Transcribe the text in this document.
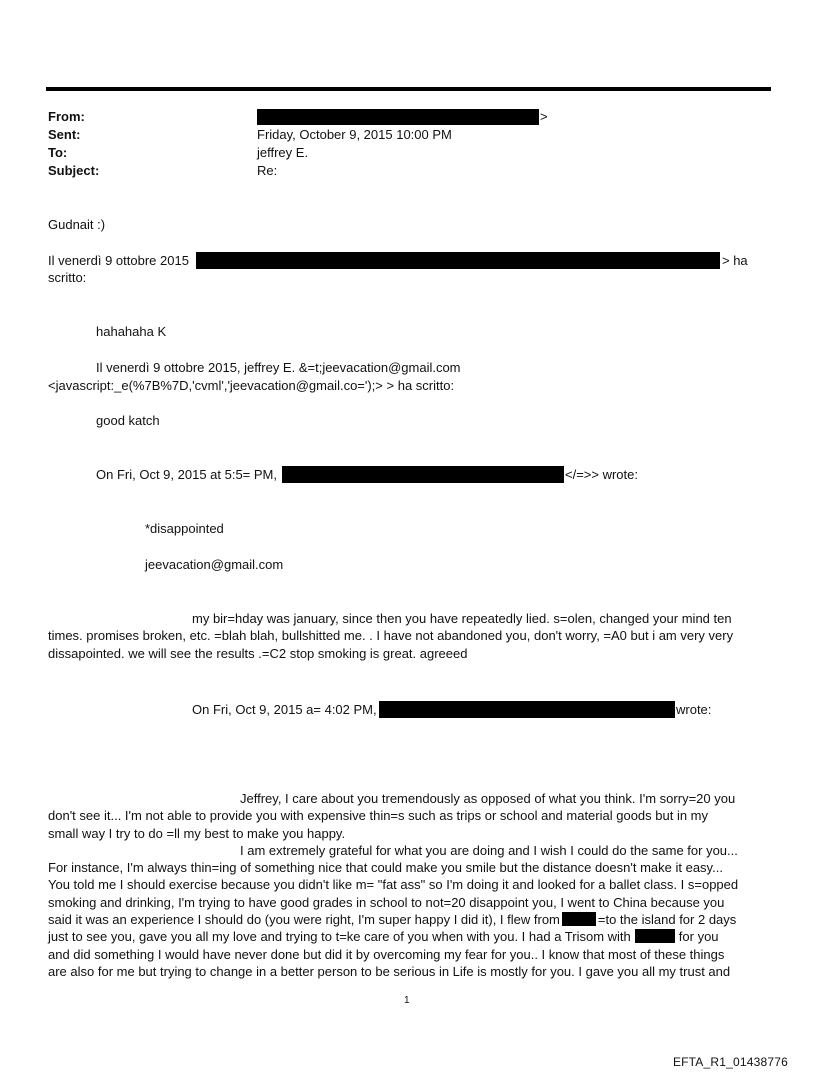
From:	>
Sent:	Friday, October 9, 2015 10:00 PM
To:	jeffrey E.
Subject:	Re:
Gudnait :)
Il venerdì 9 ottobre 2015	> ha
scritto:
hahahaha K
Il venerdì 9 ottobre 2015, jeffrey E. &=t;jeevacation@gmail.com
<javascript:_e(%7B%7D,'cvml','jeevacation@gmail.co=');> > ha scritto:
good katch
On Fri, Oct 9, 2015 at 5:5= PM,	</=>> wrote:
*disappointed
jeevacation@gmail.com
my bir=hday was january, since then you have repeatedly lied. s=olen, changed your mind ten
times. promises broken, etc. =blah blah, bullshitted me. . I have not abandoned you, don't worry, =A0 but i am very very
dissapointed. we will see the results .=C2 stop smoking is great. agreeed
On Fri, Oct 9, 2015 a= 4:02 PM,	wrote:
Jeffrey, I care about you tremendously as opposed of what you think. I'm sorry=20 you
don't see it... I'm not able to provide you with expensive thin=s such as trips or school and material goods but in my
small way I try to do =ll my best to make you happy.
I am extremely grateful for what you are doing and I wish I could do the same for you...
For instance, I'm always thin=ing of something nice that could make you smile but the distance doesn't make it easy...
You told me I should exercise because you didn't like m= "fat ass" so I'm doing it and looked for a ballet class. I s=opped
smoking and drinking, I'm trying to have good grades in school to not=20 disappoint you, I went to China because you
said it was an experience I should do (you were right, I'm super happy I did it), I flew from	=to the island for 2 days
just to see you, gave you all my love and trying to t=ke care of you when with you. I had a Trisom with	for you
and did something I would have never done but did it by overcoming my fear for you.. I know that most of these things
are also for me but trying to change in a better person to be serious in Life is mostly for you. I gave you all my trust and
1
EFTA_R1_01438776
